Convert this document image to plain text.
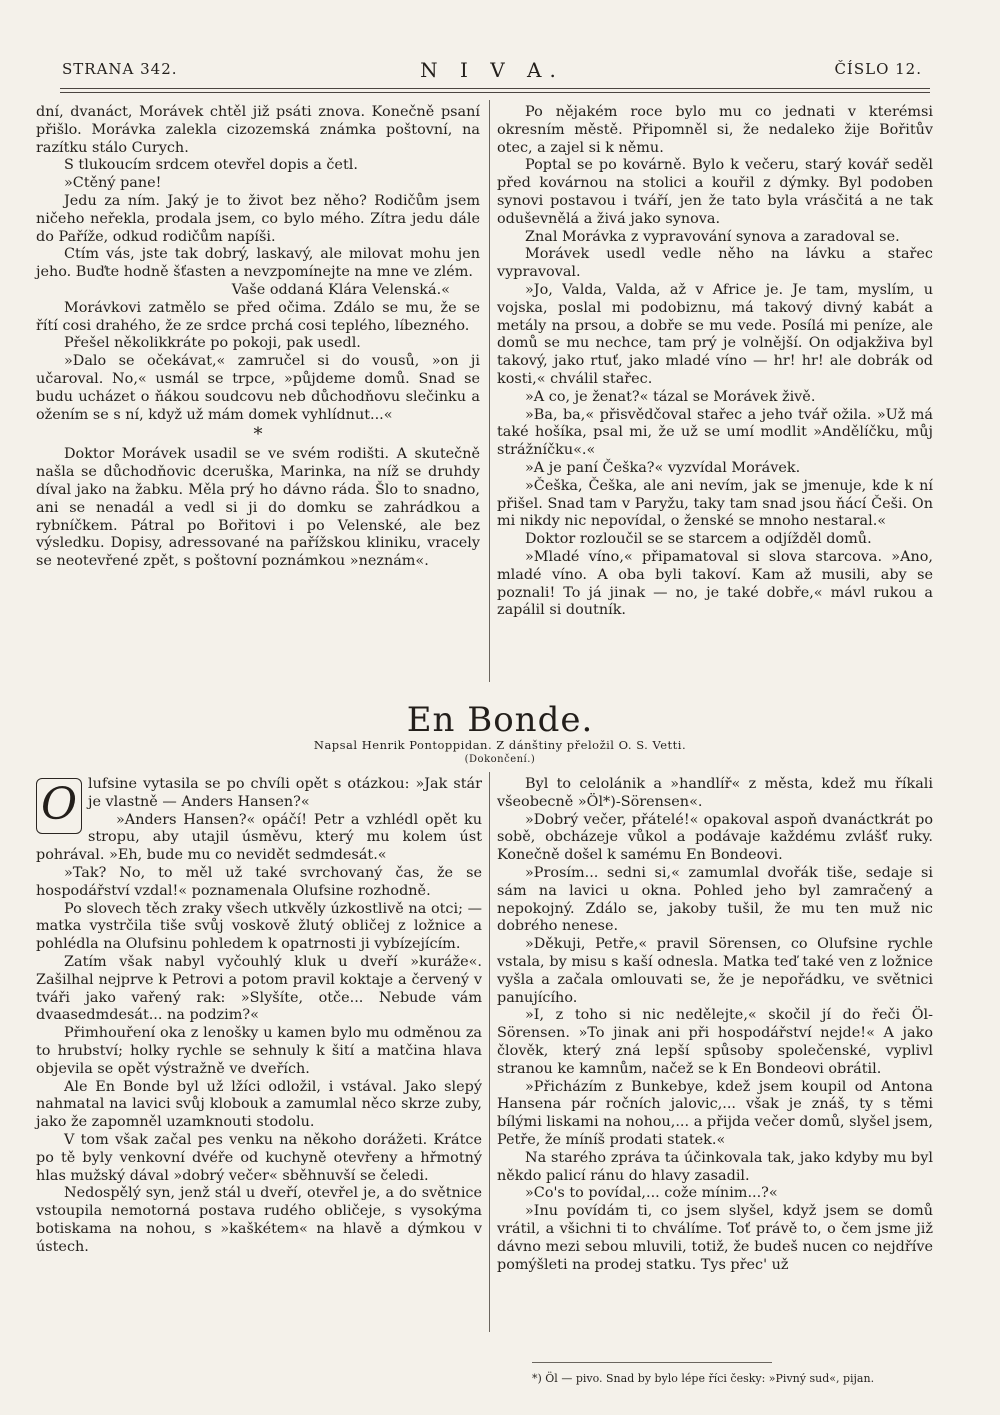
STRANA 342.	N I V A.	ČÍSLO 12.

dní, dvanáct, Morávek chtěl již psáti znova. Konečně psaní přišlo. Morávka zalekla cizozemská známka poštovní, na razítku stálo Curych.

S tlukoucím srdcem otevřel dopis a četl.

»Ctěný pane!

Jedu za ním. Jaký je to život bez něho? Rodičům jsem ničeho neřekla, prodala jsem, co bylo mého. Zítra jedu dále do Paříže, odkud rodičům napíši.

Ctím vás, jste tak dobrý, laskavý, ale milovat mohu jen jeho. Buďte hodně šťasten a nevzpomínejte na mne ve zlém.

Vaše oddaná Klára Velenská.«

Morávkovi zatmělo se před očima. Zdálo se mu, že se řítí cosi drahého, že ze srdce prchá cosi teplého, líbezného.

Přešel několikkráte po pokoji, pak usedl.

»Dalo se očekávat,« zamručel si do vousů, »on ji učaroval. No,« usmál se trpce, »půjdeme domů. Snad se budu ucházet o ňákou soudcovu neb důchodňovu slečinku a ožením se s ní, když už mám domek vyhlídnut...«

*

Doktor Morávek usadil se ve svém rodišti. A skutečně našla se důchodňovic dceruška, Marinka, na níž se druhdy díval jako na žabku. Měla prý ho dávno ráda. Šlo to snadno, ani se nenadál a vedl si ji do domku se zahrádkou a rybníčkem. Pátral po Bořitovi i po Velenské, ale bez výsledku. Dopisy, adressované na pařížskou kliniku, vracely se neotevřené zpět, s poštovní poznámkou »neznám«.

Po nějakém roce bylo mu co jednati v kterémsi okresním městě. Připomněl si, že nedaleko žije Bořitův otec, a zajel si k němu.

Poptal se po kovárně. Bylo k večeru, starý kovář seděl před kovárnou na stolici a kouřil z dýmky. Byl podoben synovi postavou i tváří, jen že tato byla vrásčitá a ne tak oduševnělá a živá jako synova.

Znal Morávka z vypravování synova a zaradoval se.

Morávek usedl vedle něho na lávku a stařec vypravoval.

»Jo, Valda, Valda, až v Africe je. Je tam, myslím, u vojska, poslal mi podobiznu, má takový divný kabát a metály na prsou, a dobře se mu vede. Posílá mi peníze, ale domů se mu nechce, tam prý je volnější. On odjakživa byl takový, jako rtuť, jako mladé víno — hr! hr! ale dobrák od kosti,« chválil stařec.

»A co, je ženat?« tázal se Morávek živě.

»Ba, ba,« přisvědčoval stařec a jeho tvář ožila. »Už má také hošíka, psal mi, že už se umí modlit »Andělíčku, můj strážníčku«.«

»A je paní Češka?« vyzvídal Morávek.

»Češka, Češka, ale ani nevím, jak se jmenuje, kde k ní přišel. Snad tam v Paryžu, taky tam snad jsou ňácí Češi. On mi nikdy nic nepovídal, o ženské se mnoho nestaral.«

Doktor rozloučil se se starcem a odjížděl domů.

»Mladé víno,« připamatoval si slova starcova. »Ano, mladé víno. A oba byli takoví. Kam až musili, aby se poznali! To já jinak — no, je také dobře,« mávl rukou a zapálil si doutník.

En Bonde.
Napsal Henrik Pontoppidan. Z dánštiny přeložil O. S. Vetti.
(Dokončení.)
O lufsine vytasila se po chvíli opět s otázkou: »Jak stár je vlastně — Anders Hansen?«

»Anders Hansen?« opáčí! Petr a vzhlédl opět ku stropu, aby utajil úsměvu, který mu kolem úst pohrával. »Eh, bude mu co nevidět sedmdesát.«

»Tak? No, to měl už také svrchovaný čas, že se hospodářství vzdal!« poznamenala Olufsine rozhodně.

Po slovech těch zraky všech utkvěly úzkostlivě na otci; — matka vystrčila tiše svůj voskově žlutý obličej z ložnice a pohlédla na Olufsinu pohledem k opatrnosti ji vybízejícím.

Zatím však nabyl vyčouhlý kluk u dveří »kuráže«. Zašilhal nejprve k Petrovi a potom pravil koktaje a červený v tváři jako vařený rak: »Slyšíte, otče... Nebude vám dvaasedmdesát... na podzim?«

Přimhouření oka z lenošky u kamen bylo mu odměnou za to hrubství; holky rychle se sehnuly k šití a matčina hlava objevila se opět výstražně ve dveřích.

Ale En Bonde byl už lžíci odložil, i vstával. Jako slepý nahmatal na lavici svůj klobouk a zamumlal něco skrze zuby, jako že zapomněl uzamknouti stodolu.

V tom však začal pes venku na někoho dorážeti. Krátce po tě byly venkovní dvéře od kuchyně otevřeny a hřmotný hlas mužský dával »dobrý večer« sběhnuvší se čeledi.

Nedospělý syn, jenž stál u dveří, otevřel je, a do světnice vstoupila nemotorná postava rudého obličeje, s vysokýma botiskama na nohou, s »kaškétem« na hlavě a dýmkou v ústech.

Byl to celolánik a »handlíř« z města, kdež mu říkali všeobecně »Öl*)-Sörensen«.

»Dobrý večer, přátelé!« opakoval aspoň dvanáctkrát po sobě, obcházeje vůkol a podávaje každému zvlášť ruky. Konečně došel k samému En Bondeovi.

»Prosím... sedni si,« zamumlal dvořák tiše, sedaje si sám na lavici u okna. Pohled jeho byl zamračený a nepokojný. Zdálo se, jakoby tušil, že mu ten muž nic dobrého nenese.

»Děkuji, Petře,« pravil Sörensen, co Olufsine rychle vstala, by misu s kaší odnesla. Matka teď také ven z ložnice vyšla a začala omlouvati se, že je nepořádku, ve světnici panujícího.

»I, z toho si nic nedělejte,« skočil jí do řeči Öl-Sörensen. »To jinak ani při hospodářství nejde!« A jako člověk, který zná lepší spůsoby společenské, vyplivl stranou ke kamnům, načež se k En Bondeovi obrátil.

»Přicházím z Bunkebye, kdež jsem koupil od Antona Hansena pár ročních jalovic,... však je znáš, ty s těmi bílými liskami na nohou,... a přijda večer domů, slyšel jsem, Petře, že míníš prodati statek.«

Na starého zpráva ta účinkovala tak, jako kdyby mu byl někdo palicí ránu do hlavy zasadil.

»Co's to povídal,... cože mínim...?«

»Inu povídám ti, co jsem slyšel, když jsem se domů vrátil, a všichni ti to chválíme. Toť právě to, o čem jsme již dávno mezi sebou mluvili, totiž, že budeš nucen co nejdříve pomýšleti na prodej statku. Tys přec' už

*) Öl — pivo. Snad by bylo lépe říci česky: »Pivný sud«, pijan.
